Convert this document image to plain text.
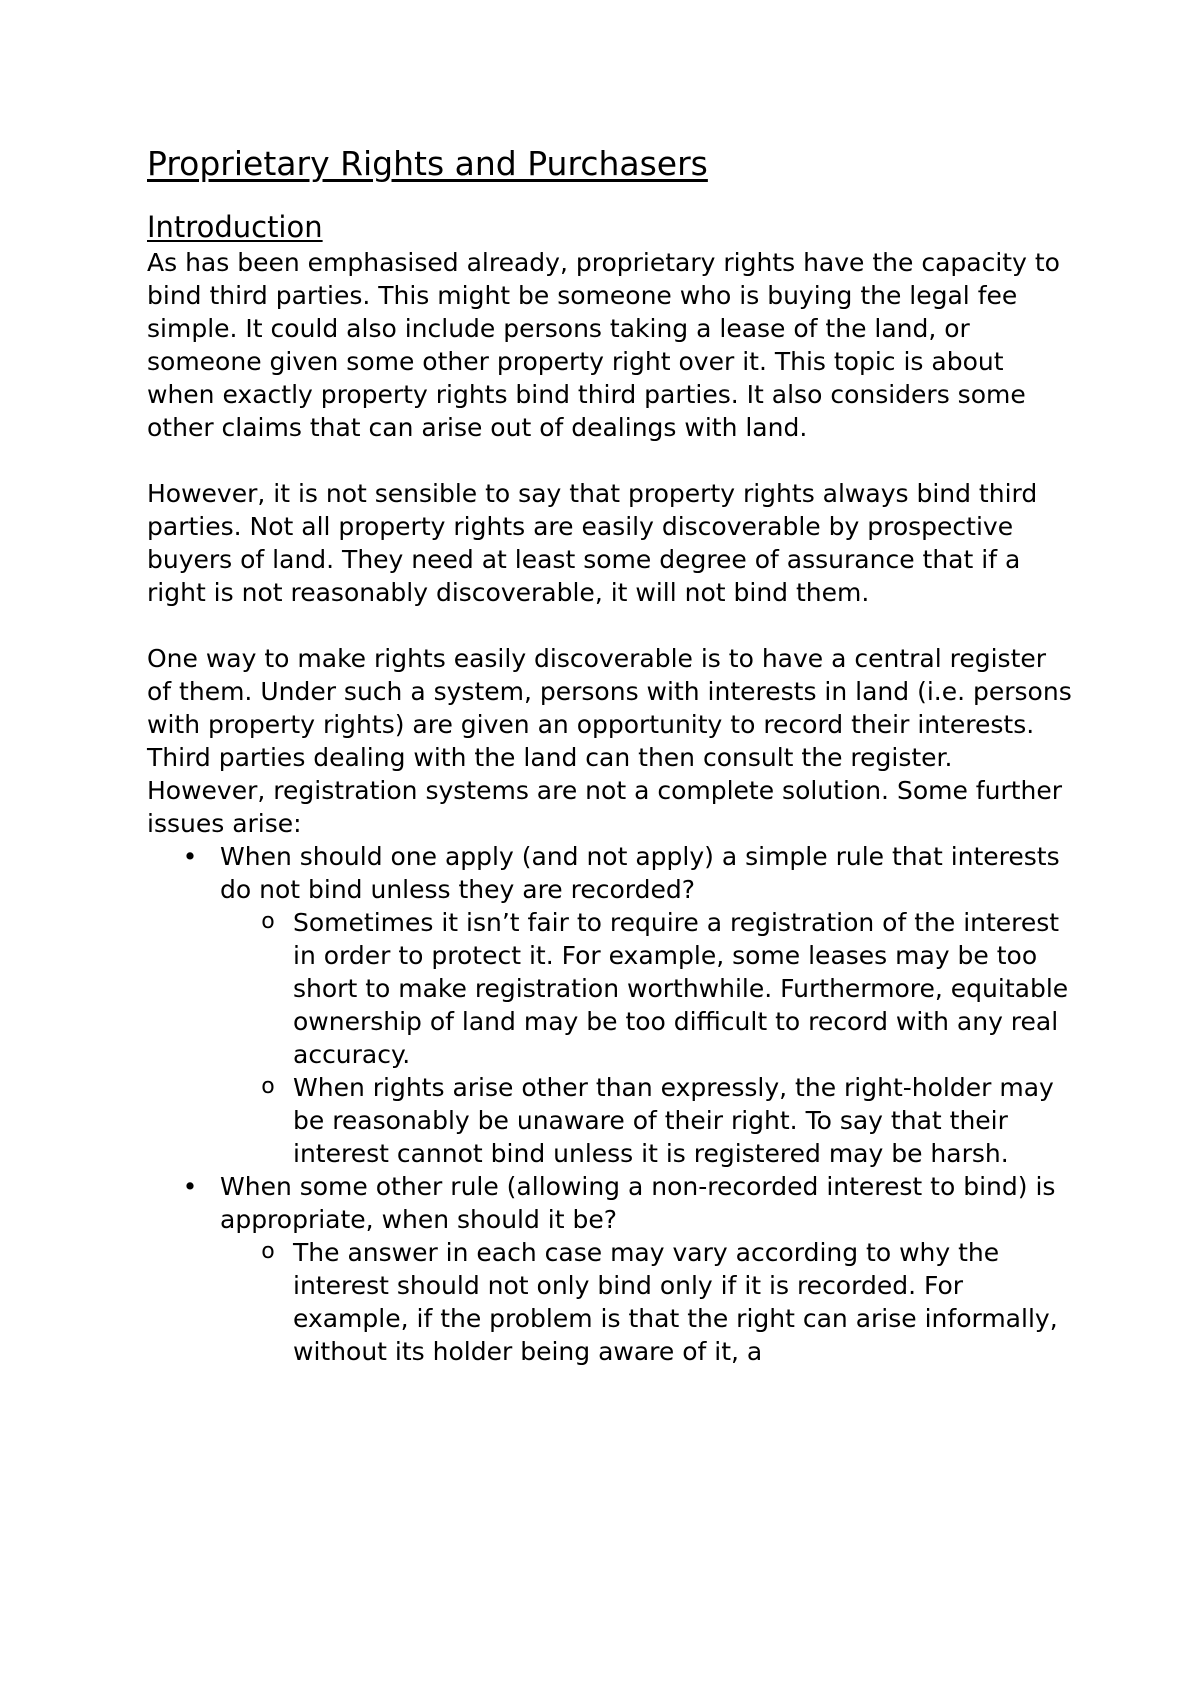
Proprietary Rights and Purchasers
Introduction

As has been emphasised already, proprietary rights have the capacity to bind third parties. This might be someone who is buying the legal fee simple. It could also include persons taking a lease of the land, or someone given some other property right over it. This topic is about when exactly property rights bind third parties. It also considers some other claims that can arise out of dealings with land.

However, it is not sensible to say that property rights always bind third parties. Not all property rights are easily discoverable by prospective buyers of land. They need at least some degree of assurance that if a right is not reasonably discoverable, it will not bind them.

One way to make rights easily discoverable is to have a central register of them. Under such a system, persons with interests in land (i.e. persons with property rights) are given an opportunity to record their interests. Third parties dealing with the land can then consult the register. However, registration systems are not a complete solution. Some further issues arise:

• When should one apply (and not apply) a simple rule that interests do not bind unless they are recorded?
o Sometimes it isn’t fair to require a registration of the interest in order to protect it. For example, some leases may be too short to make registration worthwhile. Furthermore, equitable ownership of land may be too difficult to record with any real accuracy.
o When rights arise other than expressly, the right-holder may be reasonably be unaware of their right. To say that their interest cannot bind unless it is registered may be harsh.
• When some other rule (allowing a non-recorded interest to bind) is appropriate, when should it be?
o The answer in each case may vary according to why the interest should not only bind only if it is recorded. For example, if the problem is that the right can arise informally, without its holder being aware of it, a
